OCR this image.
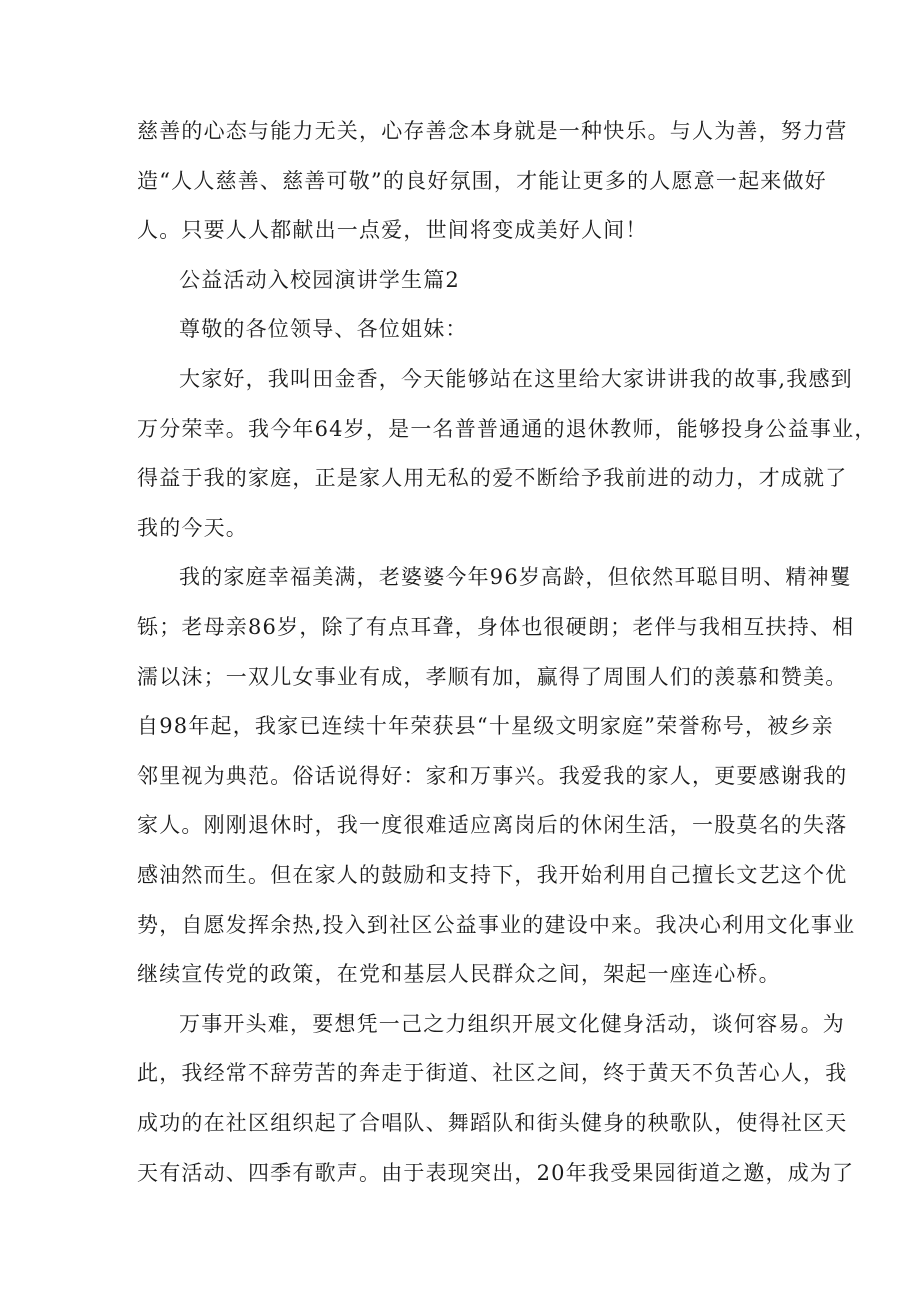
慈善的心态与能力无关，心存善念本身就是一种快乐。与人为善，努力营
造“人人慈善、慈善可敬”的良好氛围，才能让更多的人愿意一起来做好
人。只要人人都献出一点爱，世间将变成美好人间！
公益活动入校园演讲学生篇2
尊敬的各位领导、各位姐妹：
大家好，我叫田金香，今天能够站在这里给大家讲讲我的故事,我感到
万分荣幸。我今年64岁，是一名普普通通的退休教师，能够投身公益事业，
得益于我的家庭，正是家人用无私的爱不断给予我前进的动力，才成就了
我的今天。
我的家庭幸福美满，老婆婆今年96岁高龄，但依然耳聪目明、精神矍
铄；老母亲86岁，除了有点耳聋，身体也很硬朗；老伴与我相互扶持、相
濡以沫；一双儿女事业有成，孝顺有加，赢得了周围人们的羡慕和赞美。
自98年起，我家已连续十年荣获县“十星级文明家庭”荣誉称号，被乡亲
邻里视为典范。俗话说得好：家和万事兴。我爱我的家人，更要感谢我的
家人。刚刚退休时，我一度很难适应离岗后的休闲生活，一股莫名的失落
感油然而生。但在家人的鼓励和支持下，我开始利用自己擅长文艺这个优
势，自愿发挥余热,投入到社区公益事业的建设中来。我决心利用文化事业
继续宣传党的政策，在党和基层人民群众之间，架起一座连心桥。
万事开头难，要想凭一己之力组织开展文化健身活动，谈何容易。为
此，我经常不辞劳苦的奔走于街道、社区之间，终于黄天不负苦心人，我
成功的在社区组织起了合唱队、舞蹈队和街头健身的秧歌队，使得社区天
天有活动、四季有歌声。由于表现突出，20年我受果园街道之邀，成为了
